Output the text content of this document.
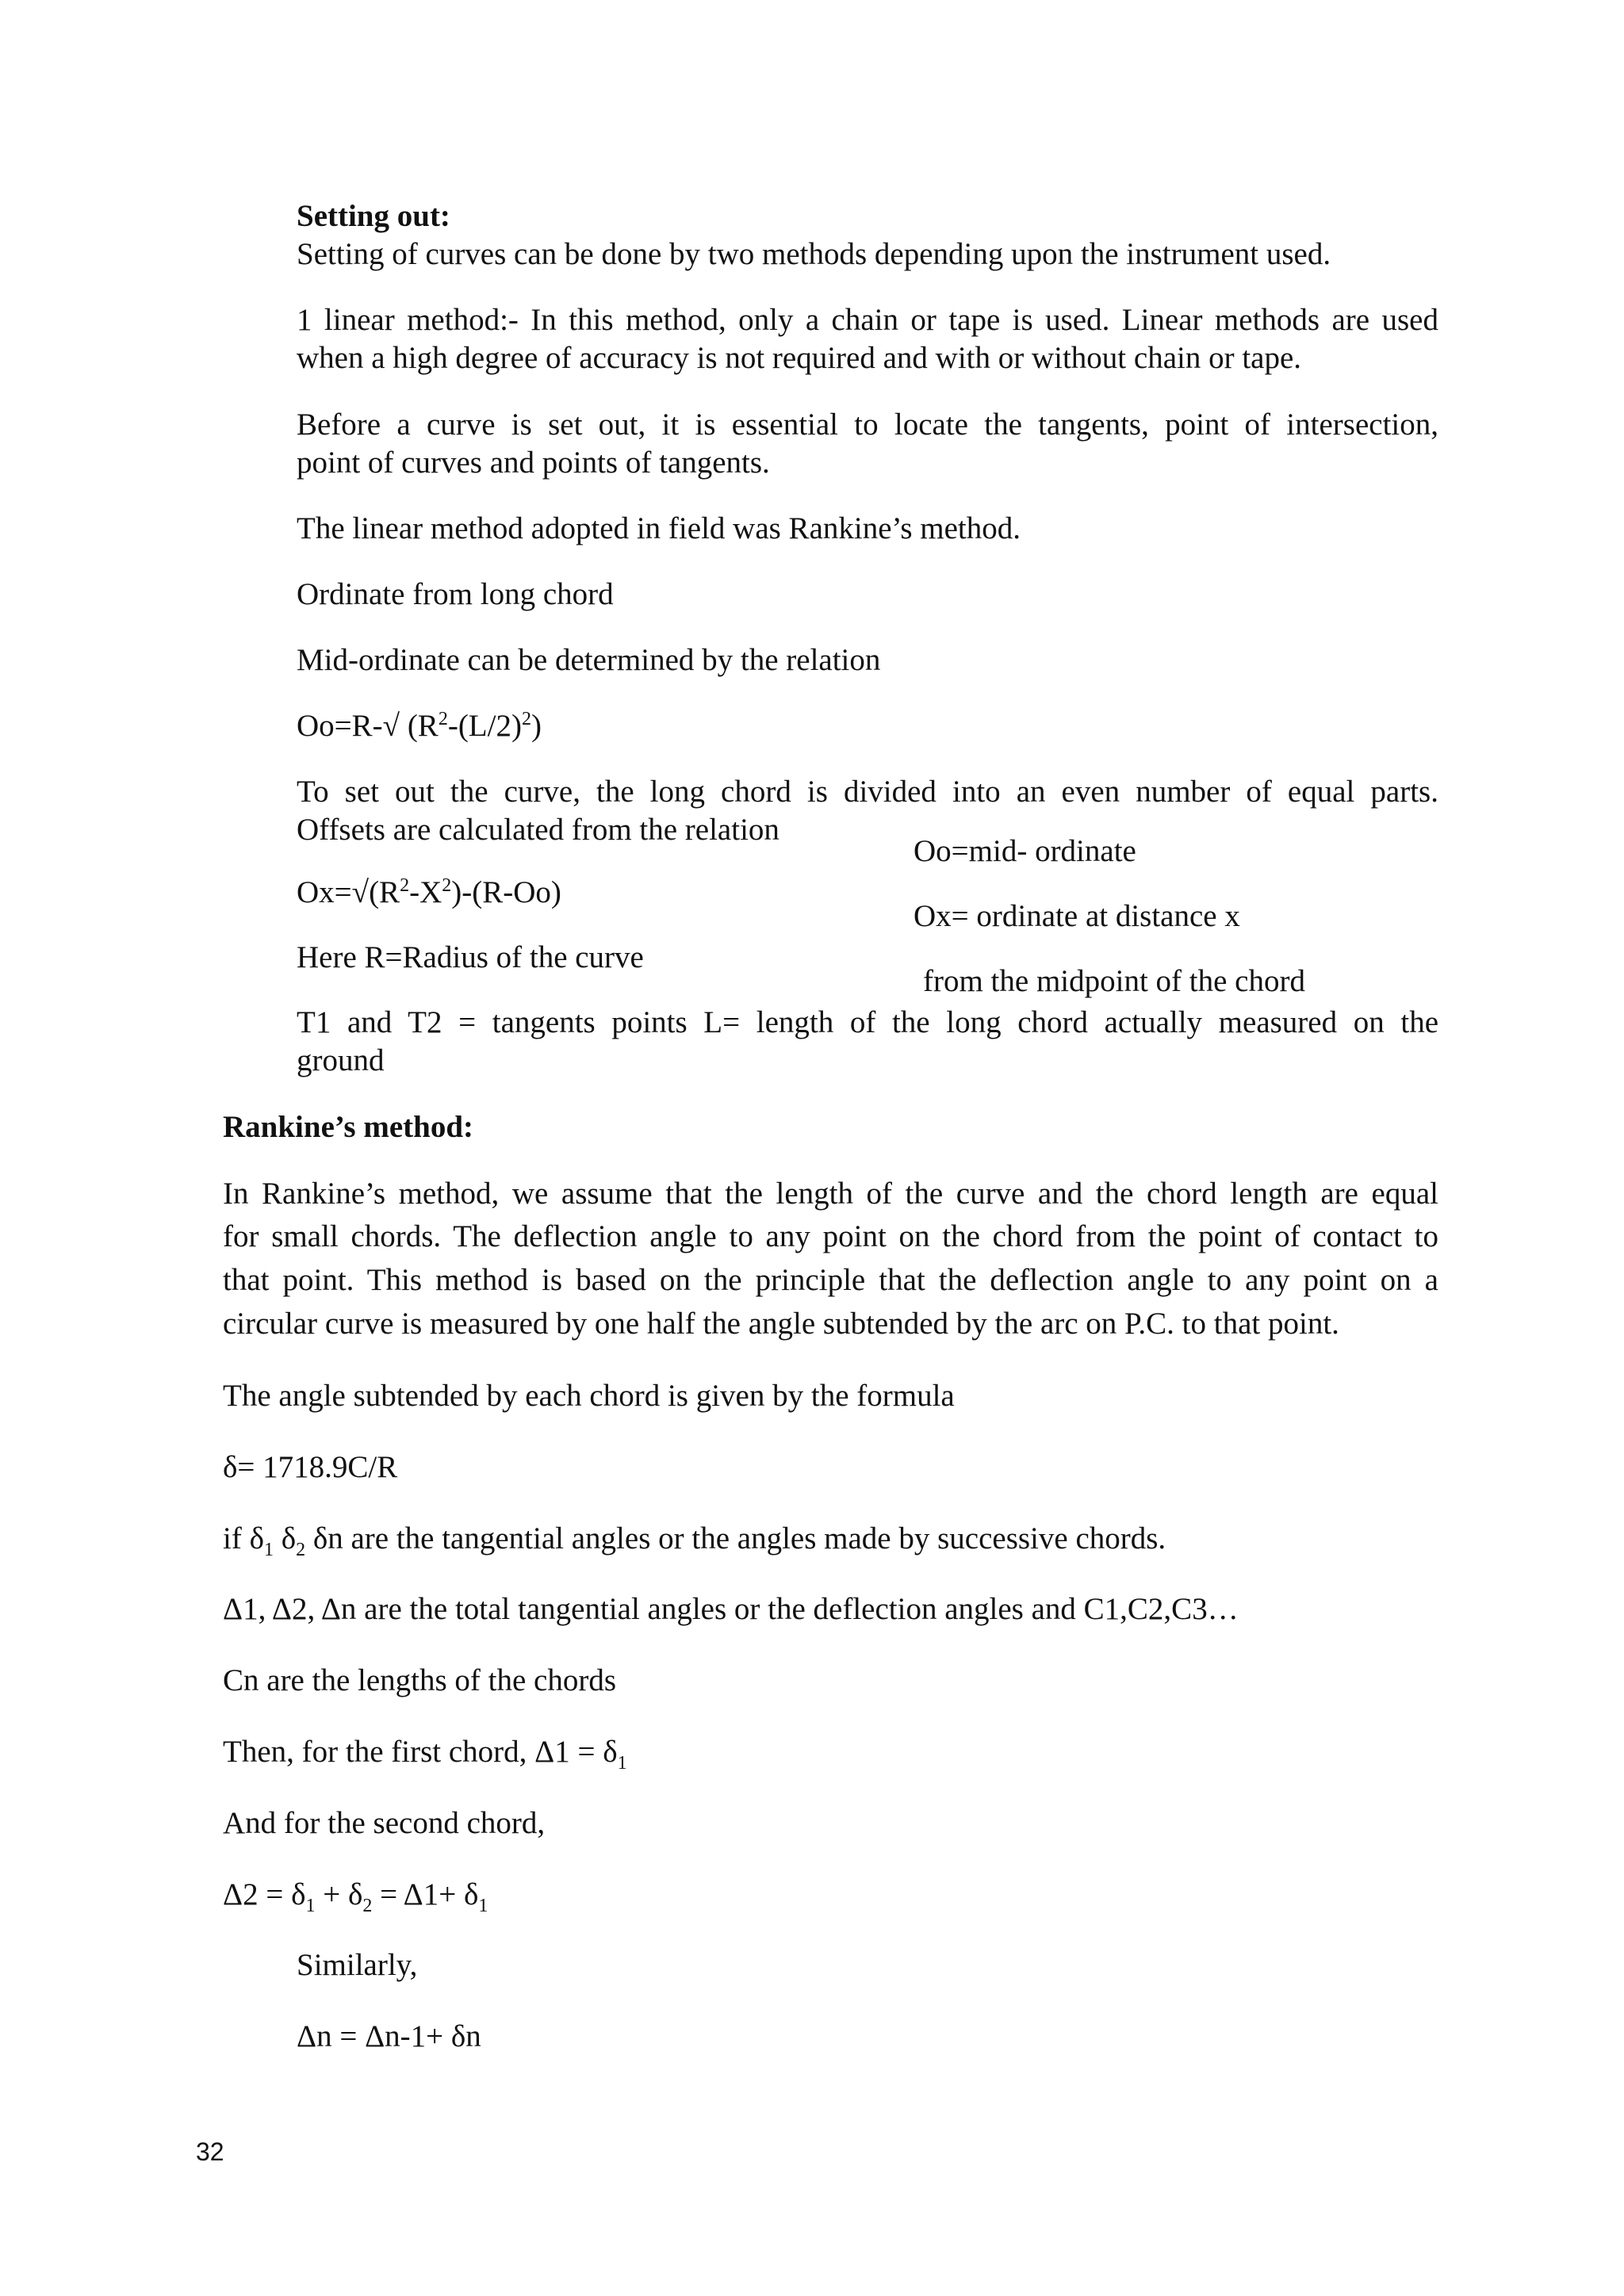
Setting out:

Setting of curves can be done by two methods depending upon the instrument used.

1 linear method:- In this method, only a chain or tape is used. Linear methods are used

when a high degree of accuracy is not required and with or without chain or tape.

Before a curve is set out, it is essential to locate the tangents, point of intersection,

point of curves and points of tangents.

The linear method adopted in field was Rankine’s method.

Ordinate from long chord

Mid-ordinate can be determined by the relation

Oo=R-√ $(R^2-(L/2)^2)$

To set out the curve, the long chord is divided into an even number of equal parts.

Offsets are calculated from the relation

Oo=mid- ordinate

$Ox=√(R^2-X^2)-(R-Oo)$

Ox= ordinate at distance x

Here R=Radius of the curve

from the midpoint of the chord

T1 and T2 = tangents points L= length of the long chord actually measured on the

ground

Rankine’s method:

In Rankine’s method, we assume that the length of the curve and the chord length are equal

for small chords. The deflection angle to any point on the chord from the point of contact to

that point. This method is based on the principle that the deflection angle to any point on a

circular curve is measured by one half the angle subtended by the arc on P.C. to that point.

The angle subtended by each chord is given by the formula

δ= 1718.9C/R

if $\delta_1$ $\delta_2$ δn are the tangential angles or the angles made by successive chords.

Δ1, Δ2, Δn are the total tangential angles or the deflection angles and C1,C2,C3…

Cn are the lengths of the chords

Then, for the first chord, $\Delta 1 = \delta_1$

And for the second chord,

$\Delta 2 = \delta_1 + \delta_2 = \Delta 1+ \delta_1$

Similarly,

Δn = Δn-1+ δn

32
